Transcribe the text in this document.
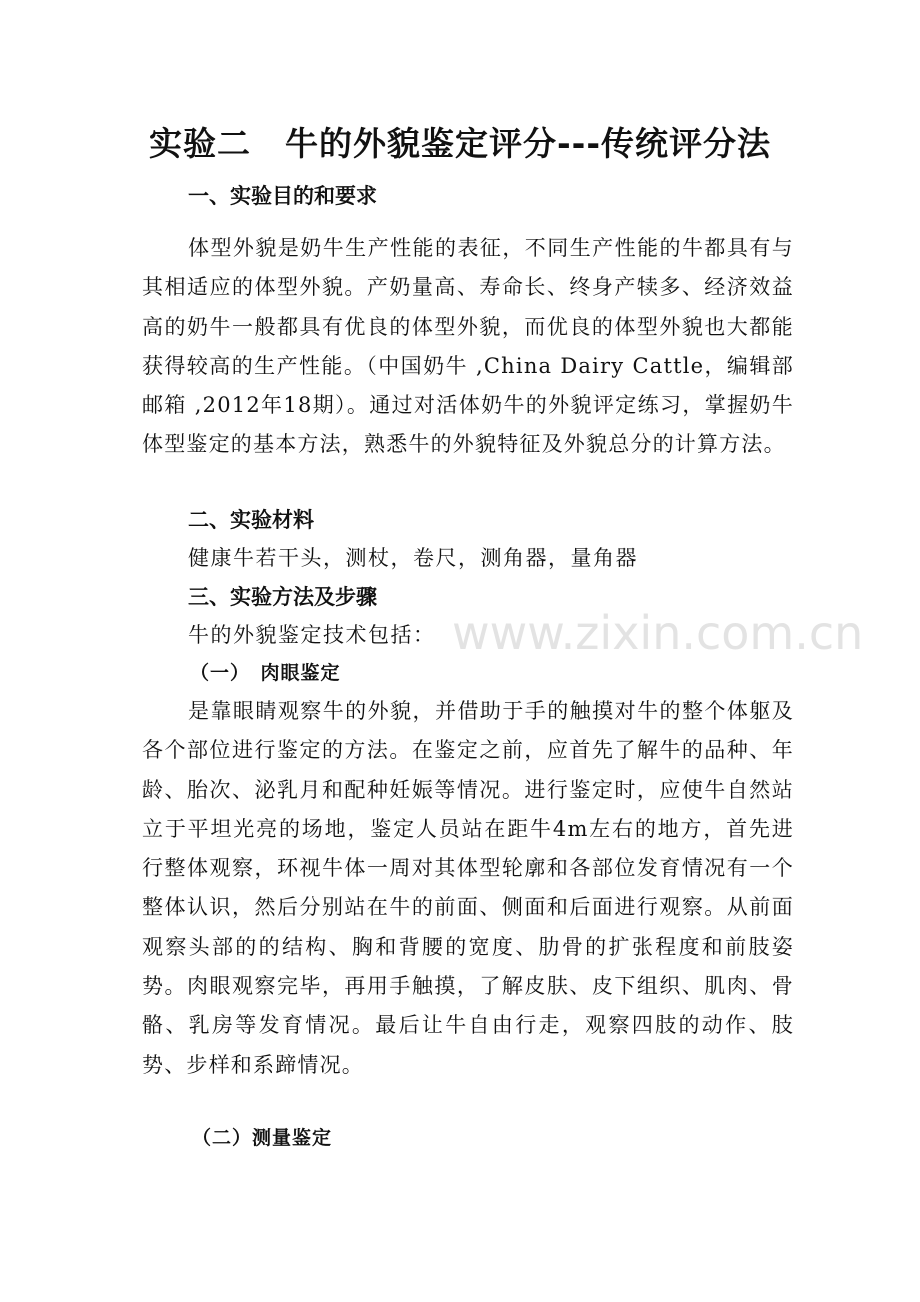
实验二　牛的外貌鉴定评分---传统评分法
一、实验目的和要求

体型外貌是奶牛生产性能的表征，不同生产性能的牛都具有与其相适应的体型外貌。产奶量高、寿命长、终身产犊多、经济效益高的奶牛一般都具有优良的体型外貌，而优良的体型外貌也大都能获得较高的生产性能。（中国奶牛 ,China Dairy Cattle，编辑部邮箱 ,2012年18期）。通过对活体奶牛的外貌评定练习，掌握奶牛体型鉴定的基本方法，熟悉牛的外貌特征及外貌总分的计算方法。

二、实验材料

健康牛若干头，测杖，卷尺，测角器，量角器

三、实验方法及步骤

牛的外貌鉴定技术包括：

（一）　肉眼鉴定

是靠眼睛观察牛的外貌，并借助于手的触摸对牛的整个体躯及各个部位进行鉴定的方法。在鉴定之前，应首先了解牛的品种、年龄、胎次、泌乳月和配种妊娠等情况。进行鉴定时，应使牛自然站立于平坦光亮的场地，鉴定人员站在距牛4m左右的地方，首先进行整体观察，环视牛体一周对其体型轮廓和各部位发育情况有一个整体认识，然后分别站在牛的前面、侧面和后面进行观察。从前面观察头部的的结构、胸和背腰的宽度、肋骨的扩张程度和前肢姿势。肉眼观察完毕，再用手触摸，了解皮肤、皮下组织、肌肉、骨骼、乳房等发育情况。最后让牛自由行走，观察四肢的动作、肢势、步样和系蹄情况。

（二）测量鉴定
www.zixin.com.cn
